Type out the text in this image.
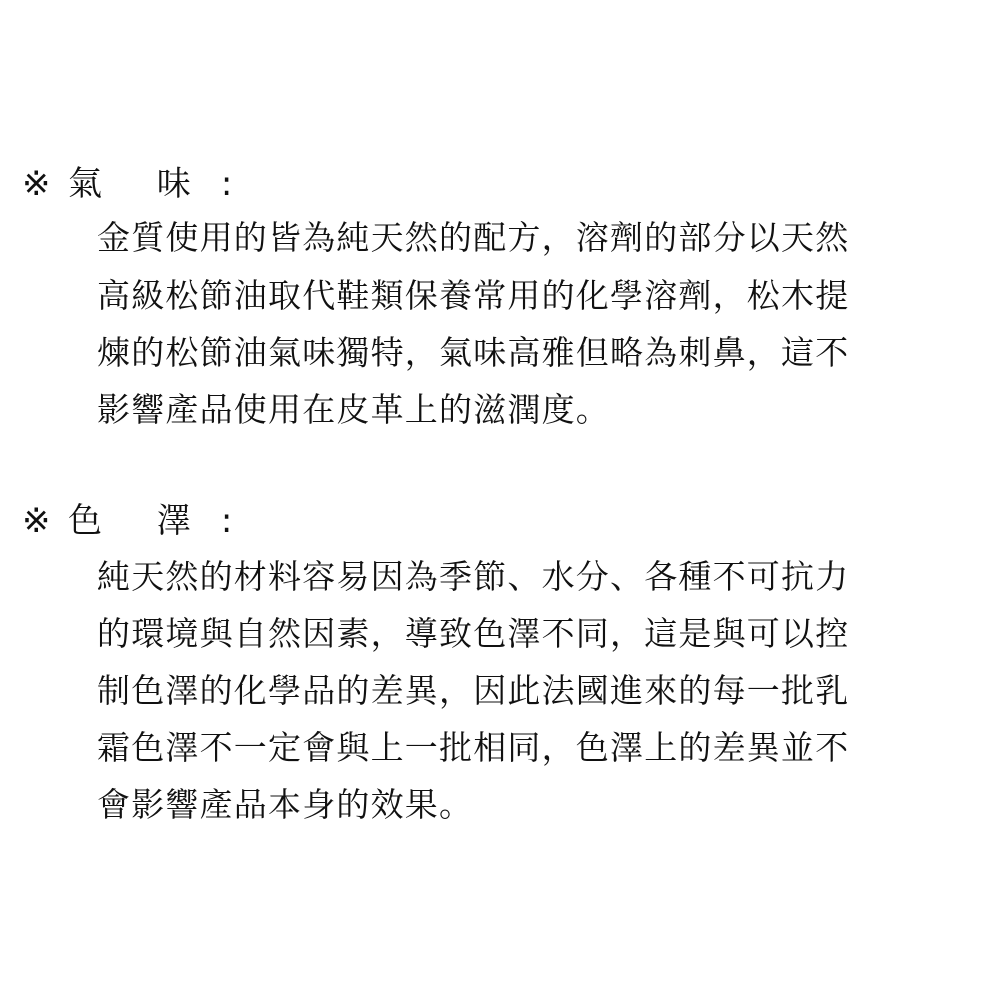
※ 氣 味 :
金質使用的皆為純天然的配方，溶劑的部分以天然
高級松節油取代鞋類保養常用的化學溶劑，松木提
煉的松節油氣味獨特，氣味高雅但略為刺鼻，這不
影響產品使用在皮革上的滋潤度。
※ 色 澤 :
純天然的材料容易因為季節、水分、各種不可抗力
的環境與自然因素，導致色澤不同，這是與可以控
制色澤的化學品的差異，因此法國進來的每一批乳
霜色澤不一定會與上一批相同，色澤上的差異並不
會影響產品本身的效果。
